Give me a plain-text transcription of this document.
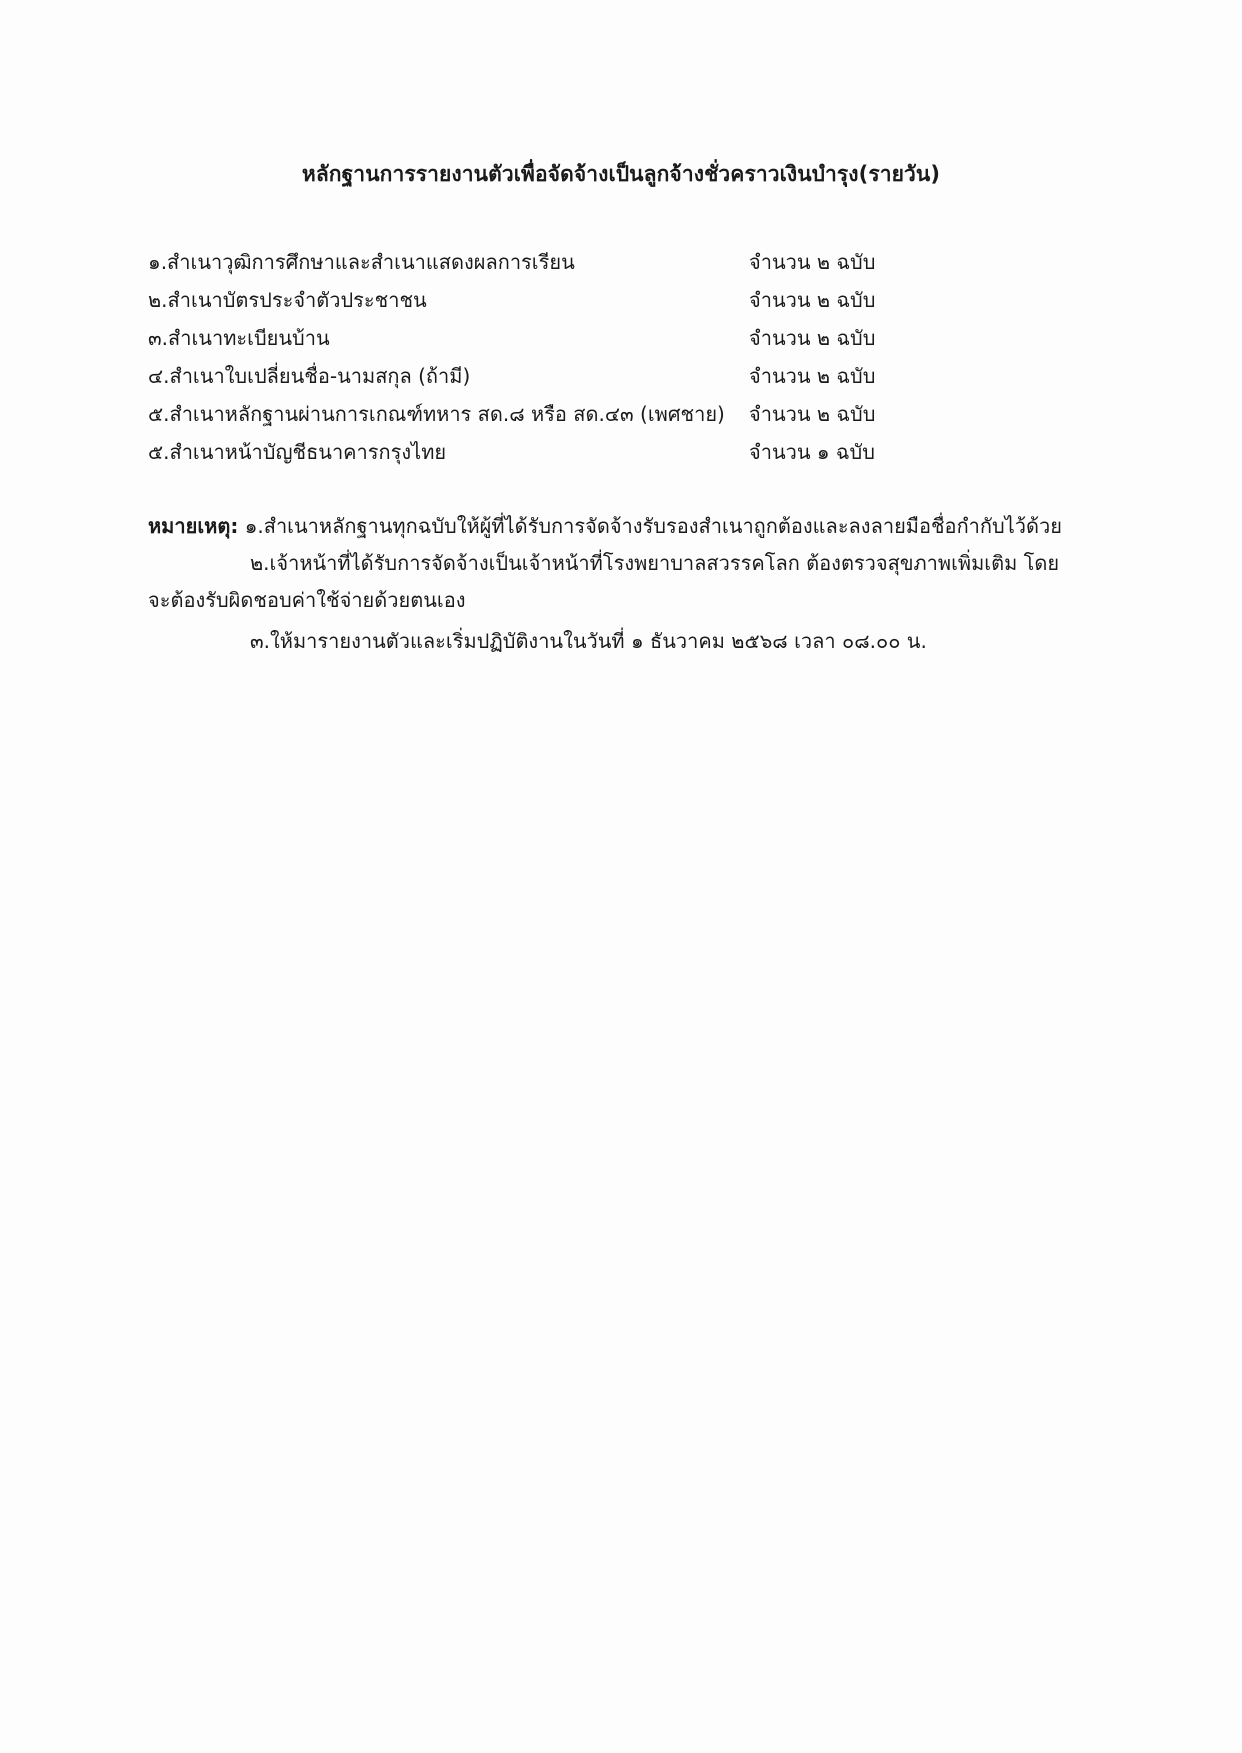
หลักฐานการรายงานตัวเพื่อจัดจ้างเป็นลูกจ้างชั่วคราวเงินบำรุง(รายวัน)
๑.สำเนาวุฒิการศึกษาและสำเนาแสดงผลการเรียน	จำนวน ๒ ฉบับ
๒.สำเนาบัตรประจำตัวประชาชน	จำนวน ๒ ฉบับ
๓.สำเนาทะเบียนบ้าน	จำนวน ๒ ฉบับ
๔.สำเนาใบเปลี่ยนชื่อ-นามสกุล (ถ้ามี)	จำนวน ๒ ฉบับ
๕.สำเนาหลักฐานผ่านการเกณฑ์ทหาร สด.๘ หรือ สด.๔๓ (เพศชาย) จำนวน ๒ ฉบับ
๕.สำเนาหน้าบัญชีธนาคารกรุงไทย	จำนวน ๑ ฉบับ
หมายเหตุ: ๑.สำเนาหลักฐานทุกฉบับให้ผู้ที่ได้รับการจัดจ้างรับรองสำเนาถูกต้องและลงลายมือชื่อกำกับไว้ด้วย
๒.เจ้าหน้าที่ได้รับการจัดจ้างเป็นเจ้าหน้าที่โรงพยาบาลสวรรคโลก ต้องตรวจสุขภาพเพิ่มเติม โดย
จะต้องรับผิดชอบค่าใช้จ่ายด้วยตนเอง
๓.ให้มารายงานตัวและเริ่มปฏิบัติงานในวันที่ ๑ ธันวาคม ๒๕๖๘ เวลา ๐๘.๐๐ น.
